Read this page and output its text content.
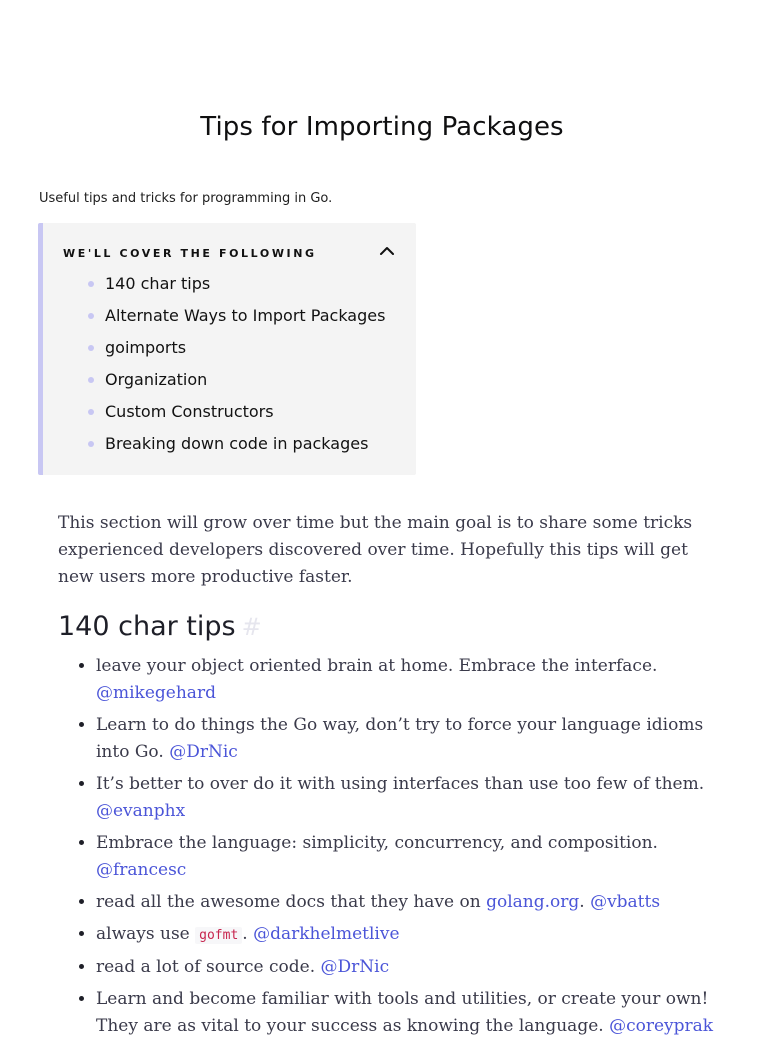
Tips for Importing Packages

Useful tips and tricks for programming in Go.

WE'LL COVER THE FOLLOWING
140 char tips
Alternate Ways to Import Packages
goimports
Organization
Custom Constructors
Breaking down code in packages

This section will grow over time but the main goal is to share some tricks experienced developers discovered over time. Hopefully this tips will get new users more productive faster.

140 char tips #
• leave your object oriented brain at home. Embrace the interface. @mikegehard
• Learn to do things the Go way, don’t try to force your language idioms into Go. @DrNic
• It’s better to over do it with using interfaces than use too few of them. @evanphx
• Embrace the language: simplicity, concurrency, and composition. @francesc
• read all the awesome docs that they have on golang.org. @vbatts
• always use gofmt . @darkhelmetlive
• read a lot of source code. @DrNic
• Learn and become familiar with tools and utilities, or create your own! They are as vital to your success as knowing the language. @coreyprak
